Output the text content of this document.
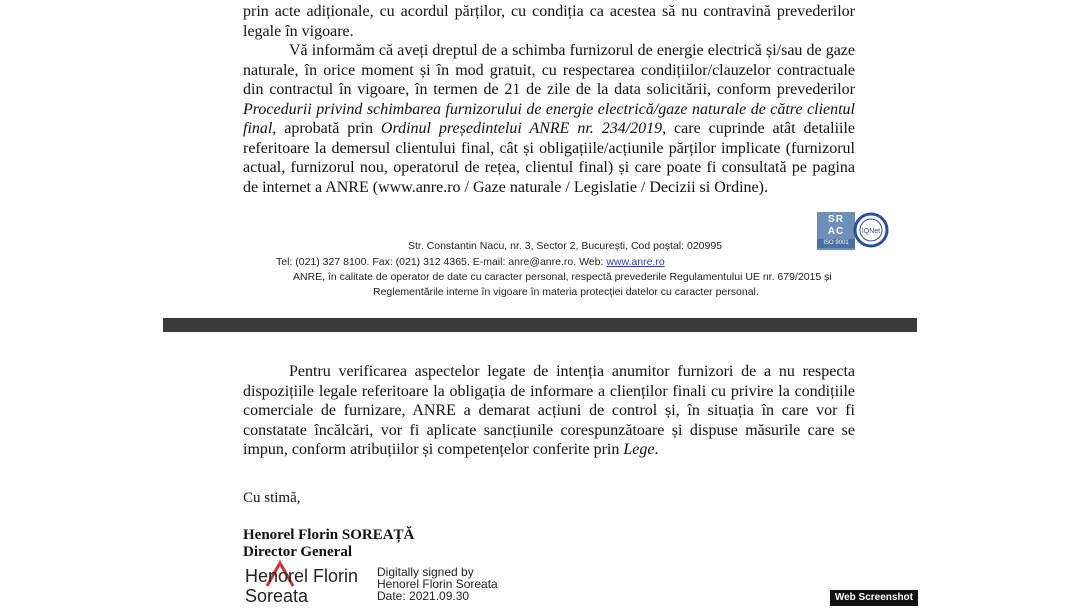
prin acte adiționale, cu acordul părților, cu condiția ca acestea să nu contravină prevederilor legale în vigoare.
Vă informăm că aveți dreptul de a schimba furnizorul de energie electrică și/sau de gaze naturale, în orice moment și în mod gratuit, cu respectarea condițiilor/clauzelor contractuale din contractul în vigoare, în termen de 21 de zile de la data solicitării, conform prevederilor Procedurii privind schimbarea furnizorului de energie electrică/gaze naturale de către clientul final, aprobată prin Ordinul președintelui ANRE nr. 234/2019, care cuprinde atât detaliile referitoare la demersul clientului final, cât și obligațiile/acțiunile părților implicate (furnizorul actual, furnizorul nou, operatorul de rețea, clientul final) și care poate fi consultată pe pagina de internet a ANRE (www.anre.ro / Gaze naturale / Legislatie / Decizii si Ordine).
SR
AC
ISO 9001
IQNet
Str. Constantin Nacu, nr. 3, Sector 2, București, Cod poștal: 020995
Tel: (021) 327 8100. Fax: (021) 312 4365. E-mail: anre@anre.ro. Web: www.anre.ro
ANRE, în calitate de operator de date cu caracter personal, respectă prevederile Regulamentului UE nr. 679/2015 și
Reglementările interne în vigoare în materia protecției datelor cu caracter personal.
Pentru verificarea aspectelor legate de intenția anumitor furnizori de a nu respecta dispozițiile legale referitoare la obligația de informare a clienților finali cu privire la condițiile comerciale de furnizare, ANRE a demarat acțiuni de control și, în situația în care vor fi constatate încălcări, vor fi aplicate sancțiunile corespunzătoare și dispuse măsurile care se impun, conform atribuțiilor și competențelor conferite prin Lege.
Cu stimă,
Henorel Florin SOREAȚĂ
Director General
Henorel Florin
Soreata
Digitally signed by
Henorel Florin Soreata
Date: 2021.09.30	Web Screenshot
